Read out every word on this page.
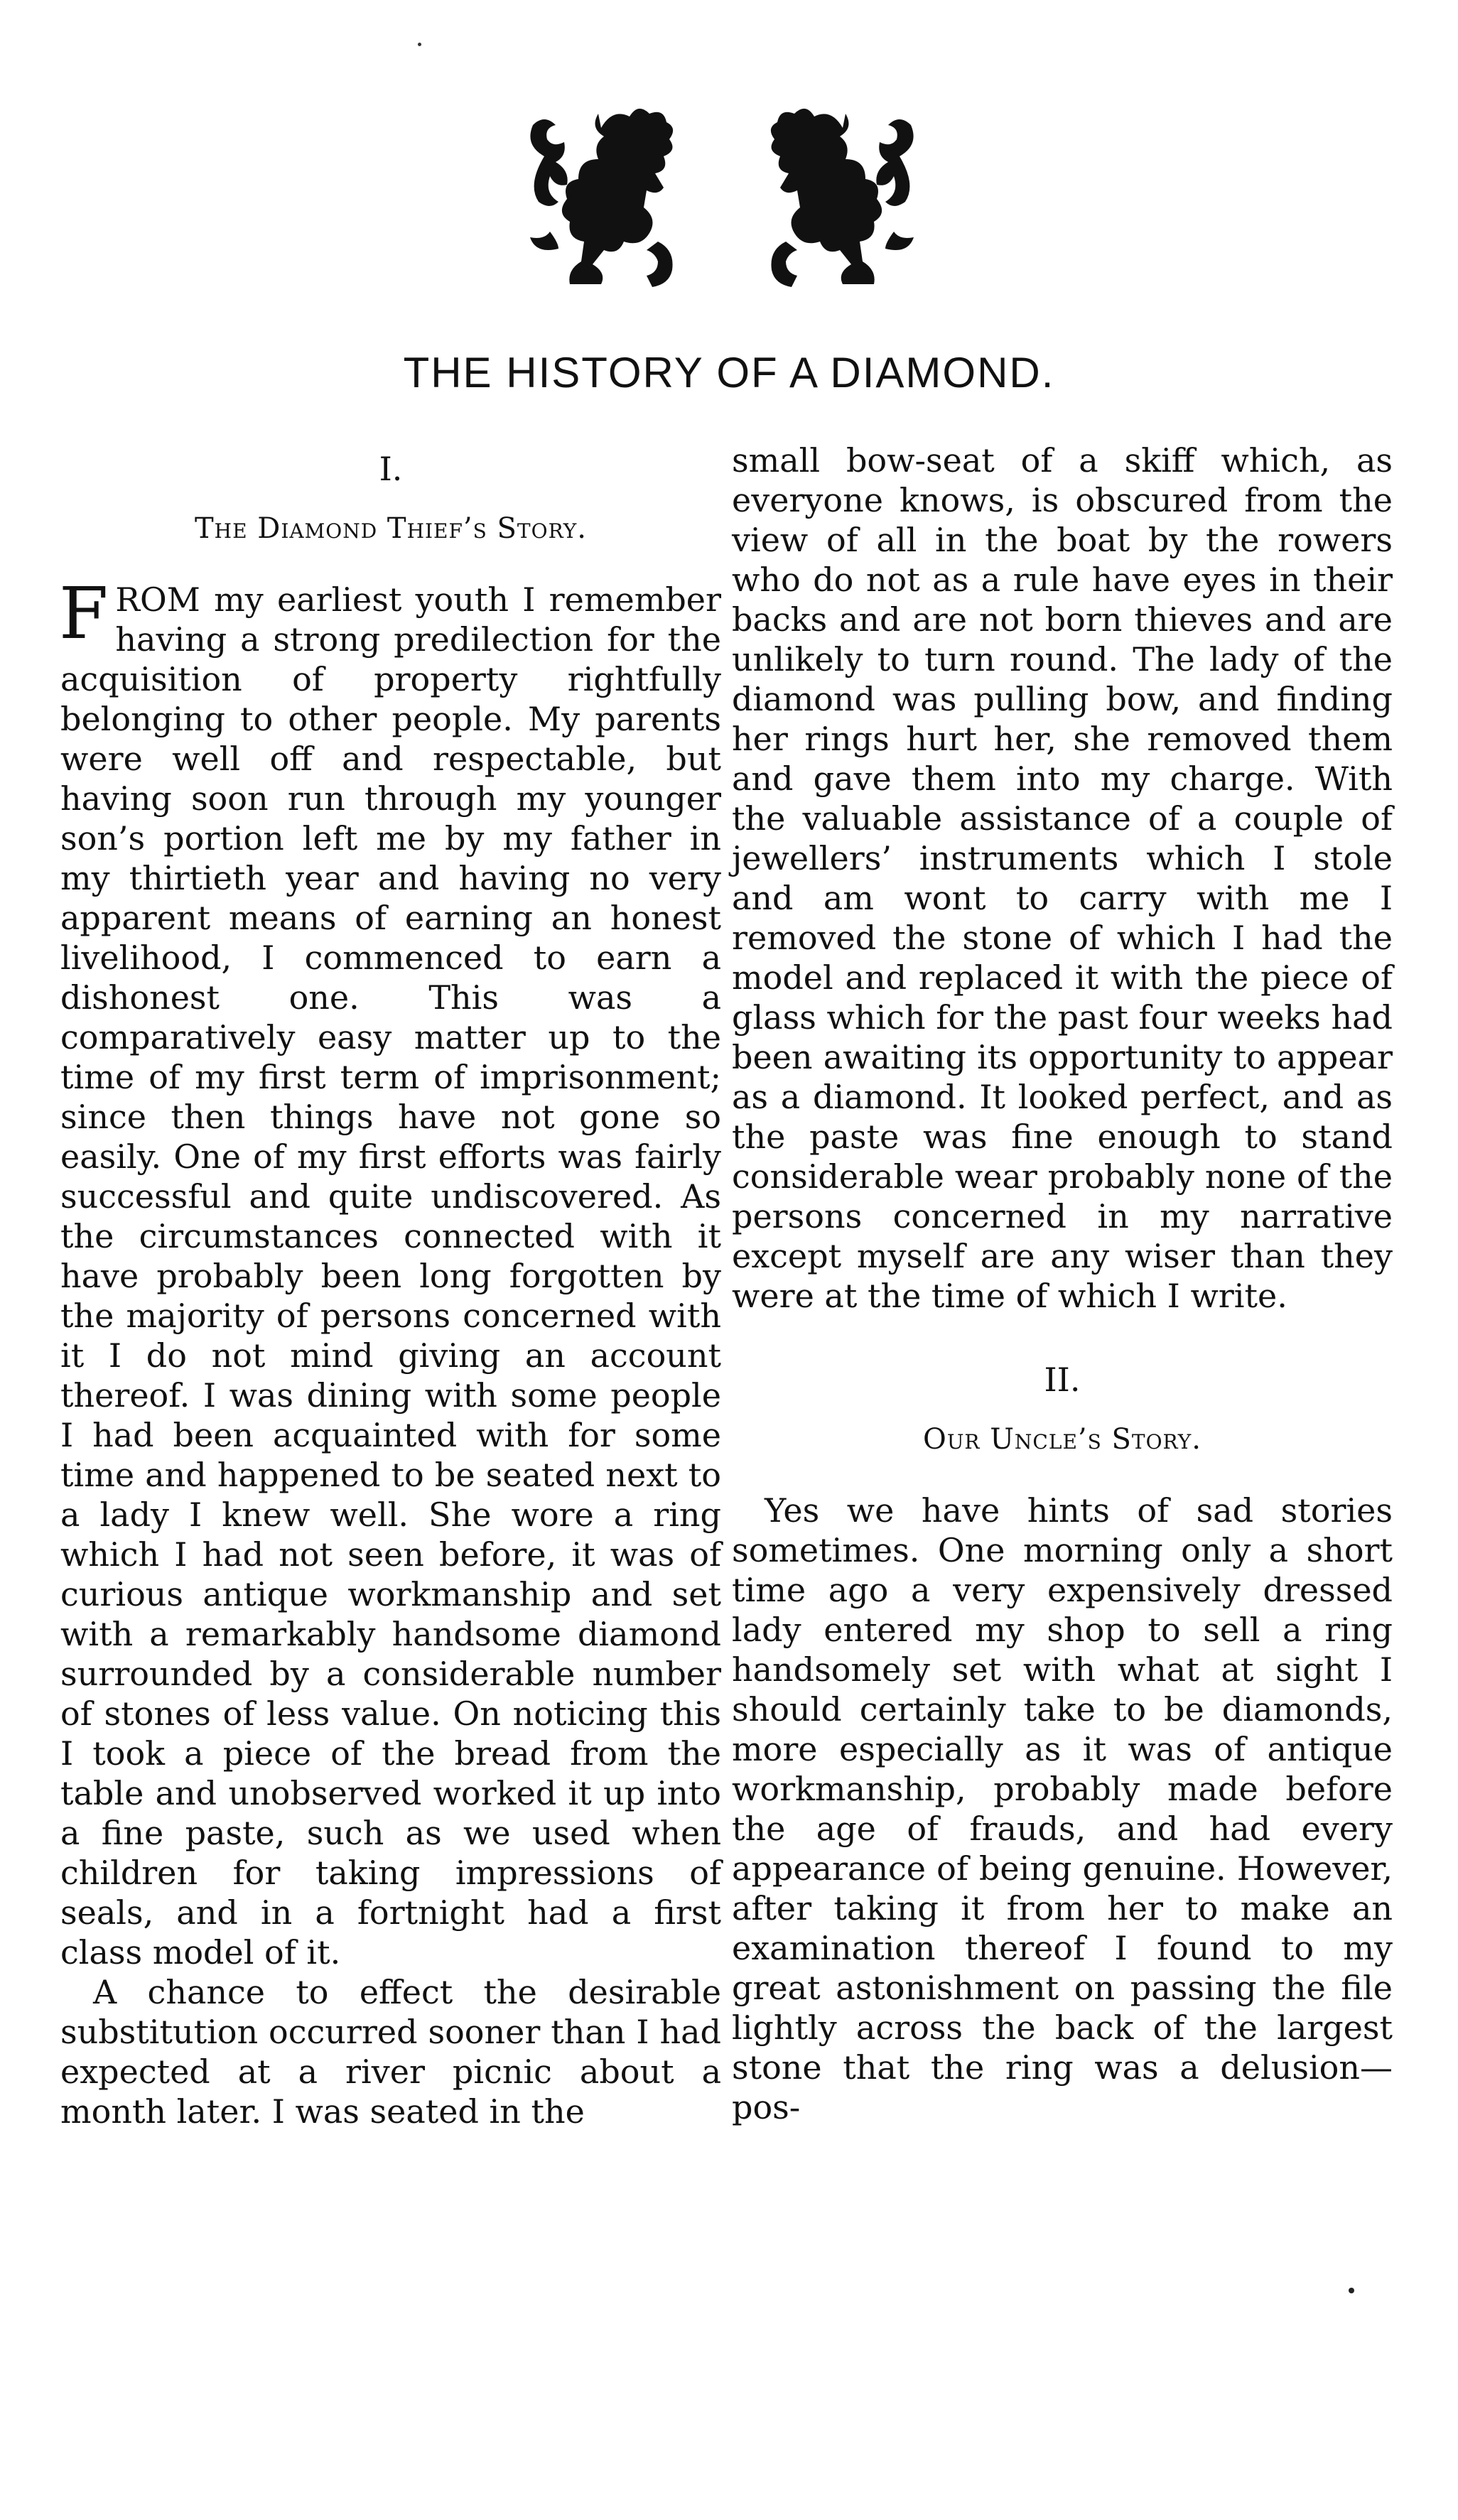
THE HISTORY OF A DIAMOND.
I.
The Diamond Thief’s Story.

FROM my earliest youth I remember having a strong predilection for the acquisition of property rightfully belonging to other people. My parents were well off and respectable, but having soon run through my younger son’s portion left me by my father in my thirtieth year and having no very apparent means of earning an honest livelihood, I commenced to earn a dishonest one. This was a comparatively easy matter up to the time of my first term of imprisonment; since then things have not gone so easily. One of my first efforts was fairly successful and quite undiscovered. As the circumstances connected with it have probably been long forgotten by the majority of persons concerned with it I do not mind giving an account thereof. I was dining with some people I had been acquainted with for some time and happened to be seated next to a lady I knew well. She wore a ring which I had not seen before, it was of curious antique workmanship and set with a remarkably handsome diamond surrounded by a considerable number of stones of less value. On noticing this I took a piece of the bread from the table and unobserved worked it up into a fine paste, such as we used when children for taking impressions of seals, and in a fortnight had a first class model of it.

A chance to effect the desirable substitution occurred sooner than I had expected at a river picnic about a month later. I was seated in the

small bow-seat of a skiff which, as everyone knows, is obscured from the view of all in the boat by the rowers who do not as a rule have eyes in their backs and are not born thieves and are unlikely to turn round. The lady of the diamond was pulling bow, and finding her rings hurt her, she removed them and gave them into my charge. With the valuable assistance of a couple of jewellers’ instruments which I stole and am wont to carry with me I removed the stone of which I had the model and replaced it with the piece of glass which for the past four weeks had been awaiting its opportunity to appear as a diamond. It looked perfect, and as the paste was fine enough to stand considerable wear probably none of the persons concerned in my narrative except myself are any wiser than they were at the time of which I write.

II.
Our Uncle’s Story.

Yes we have hints of sad stories sometimes. One morning only a short time ago a very expensively dressed lady entered my shop to sell a ring handsomely set with what at sight I should certainly take to be diamonds, more especially as it was of antique workmanship, probably made before the age of frauds, and had every appearance of being genuine. However, after taking it from her to make an examination thereof I found to my great astonishment on passing the file lightly across the back of the largest stone that the ring was a delusion—pos-
